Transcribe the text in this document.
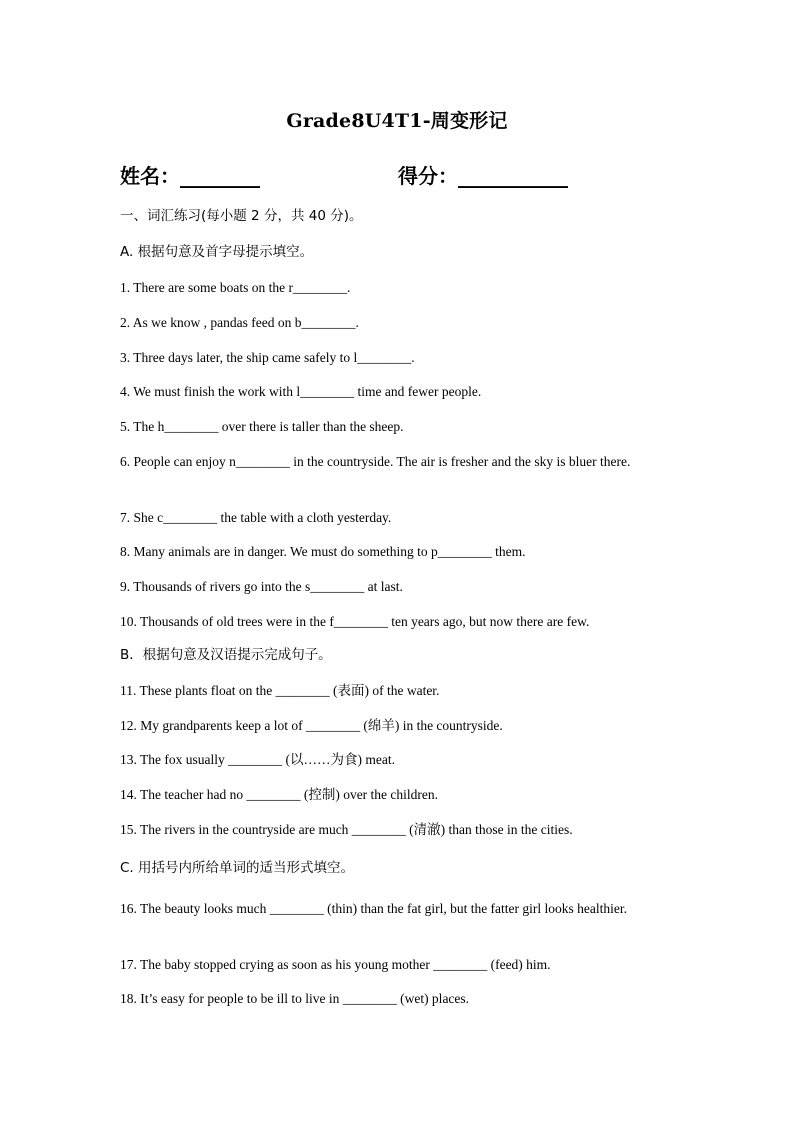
Grade8U4T1-周变形记
姓名：________	得分：___________
一、词汇练习(每小题 2 分，共 40 分)。
A. 根据句意及首字母提示填空。
1. There are some boats on the r________.
2. As we know , pandas feed on b________.
3. Three days later, the ship came safely to l________.
4. We must finish the work with l________ time and fewer people.
5. The h________ over there is taller than the sheep.
6. People can enjoy n________ in the countryside. The air is fresher and the sky is bluer there.
7. She c________ the table with a cloth yesterday.
8. Many animals are in danger. We must do something to p________ them.
9. Thousands of rivers go into the s________ at last.
10. Thousands of old trees were in the f________ ten years ago, but now there are few.
B．根据句意及汉语提示完成句子。
11. These plants float on the ________ (表面) of the water.
12. My grandparents keep a lot of ________ (绵羊) in the countryside.
13. The fox usually ________ (以……为食) meat.
14. The teacher had no ________ (控制) over the children.
15. The rivers in the countryside are much ________ (清澈) than those in the cities.
C. 用括号内所给单词的适当形式填空。
16. The beauty looks much ________ (thin) than the fat girl, but the fatter girl looks healthier.
17. The baby stopped crying as soon as his young mother ________ (feed) him.
18. It’s easy for people to be ill to live in ________ (wet) places.
